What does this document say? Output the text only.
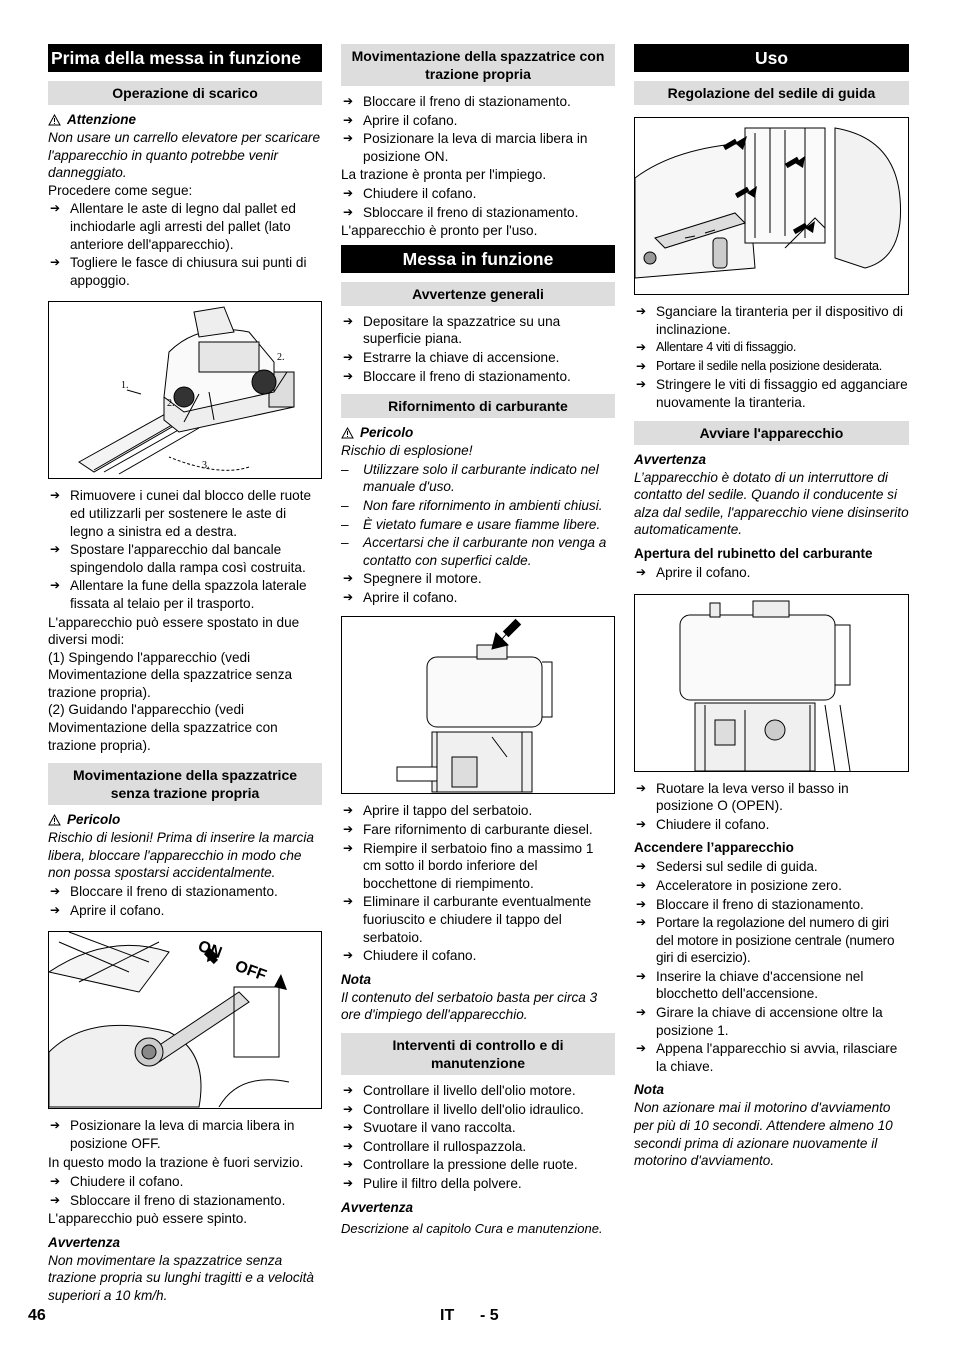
Prima della messa in funzione
Operazione di scarico
Attenzione

Non usare un carrello elevatore per scaricare l'apparecchio in quanto potrebbe venir danneggiato.

Procedere come segue:

➔ Allentare le aste di legno dal pallet ed inchiodarle agli arresti del pallet (lato anteriore dell'apparecchio).
➔ Togliere le fasce di chiusura sui punti di appoggio.
1.
2.
2.
3.
➔ Rimuovere i cunei dal blocco delle ruote ed utilizzarli per sostenere le aste di legno a sinistra ed a destra.
➔ Spostare l'apparecchio dal bancale spingendolo dalla rampa così costruita.
➔ Allentare la fune della spazzola laterale fissata al telaio per il trasporto.

L'apparecchio può essere spostato in due diversi modi:

(1) Spingendo l'apparecchio (vedi Movimentazione della spazzatrice senza trazione propria).

(2) Guidando l'apparecchio (vedi Movimentazione della spazzatrice con trazione propria).

Movimentazione della spazzatrice senza trazione propria
Pericolo

Rischio di lesioni! Prima di inserire la marcia libera, bloccare l'apparecchio in modo che non possa spostarsi accidentalmente.

➔ Bloccare il freno di stazionamento.
➔ Aprire il cofano.
ON
OFF
➔ Posizionare la leva di marcia libera in posizione OFF.

In questo modo la trazione è fuori servizio.

➔ Chiudere il cofano.
➔ Sbloccare il freno di stazionamento.

L'apparecchio può essere spinto.

Avvertenza

Non movimentare la spazzatrice senza trazione propria su lunghi tragitti e a velocità superiori a 10 km/h.

Movimentazione della spazzatrice con trazione propria
➔ Bloccare il freno di stazionamento.
➔ Aprire il cofano.
➔ Posizionare la leva di marcia libera in posizione ON.

La trazione è pronta per l'impiego.

➔ Chiudere il cofano.
➔ Sbloccare il freno di stazionamento.

L'apparecchio è pronto per l'uso.

Messa in funzione
Avvertenze generali
➔ Depositare la spazzatrice su una superficie piana.
➔ Estrarre la chiave di accensione.
➔ Bloccare il freno di stazionamento.
Rifornimento di carburante
Pericolo

Rischio di esplosione!

– Utilizzare solo il carburante indicato nel manuale d'uso.
– Non fare rifornimento in ambienti chiusi.
– È vietato fumare e usare fiamme libere.
– Accertarsi che il carburante non venga a contatto con superfici calde.
➔ Spegnere il motore.
➔ Aprire il cofano.
➔ Aprire il tappo del serbatoio.
➔ Fare rifornimento di carburante diesel.
➔ Riempire il serbatoio fino a massimo 1 cm sotto il bordo inferiore del bocchettone di riempimento.
➔ Eliminare il carburante eventualmente fuoriuscito e chiudere il tappo del serbatoio.
➔ Chiudere il cofano.
Nota

Il contenuto del serbatoio basta per circa 3 ore d'impiego dell'apparecchio.

Interventi di controllo e di manutenzione
➔ Controllare il livello dell'olio motore.
➔ Controllare il livello dell'olio idraulico.
➔ Svuotare il vano raccolta.
➔ Controllare il rullospazzola.
➔ Controllare la pressione delle ruote.
➔ Pulire il filtro della polvere.
Avvertenza

Descrizione al capitolo Cura e manutenzione.

Uso
Regolazione del sedile di guida
➔ Sganciare la tiranteria per il dispositivo di inclinazione.
➔ Allentare 4 viti di fissaggio.
➔ Portare il sedile nella posizione desiderata.
➔ Stringere le viti di fissaggio ed agganciare nuovamente la tiranteria.
Avviare l'apparecchio
Avvertenza

L’apparecchio è dotato di un interruttore di contatto del sedile. Quando il conducente si alza dal sedile, l'apparecchio viene disinserito automaticamente.

Apertura del rubinetto del carburante
➔ Aprire il cofano.
➔ Ruotare la leva verso il basso in posizione O (OPEN).
➔ Chiudere il cofano.
Accendere l’apparecchio
➔ Sedersi sul sedile di guida.
➔ Acceleratore in posizione zero.
➔ Bloccare il freno di stazionamento.
➔ Portare la regolazione del numero di giri del motore in posizione centrale (numero giri di esercizio).
➔ Inserire la chiave d'accensione nel blocchetto dell'accensione.
➔ Girare la chiave di accensione oltre la posizione 1.
➔ Appena l'apparecchio si avvia, rilasciare la chiave.
Nota

Non azionare mai il motorino d'avviamento per più di 10 secondi. Attendere almeno 10 secondi prima di azionare nuovamente il motorino d'avviamento.

46	IT - 5
